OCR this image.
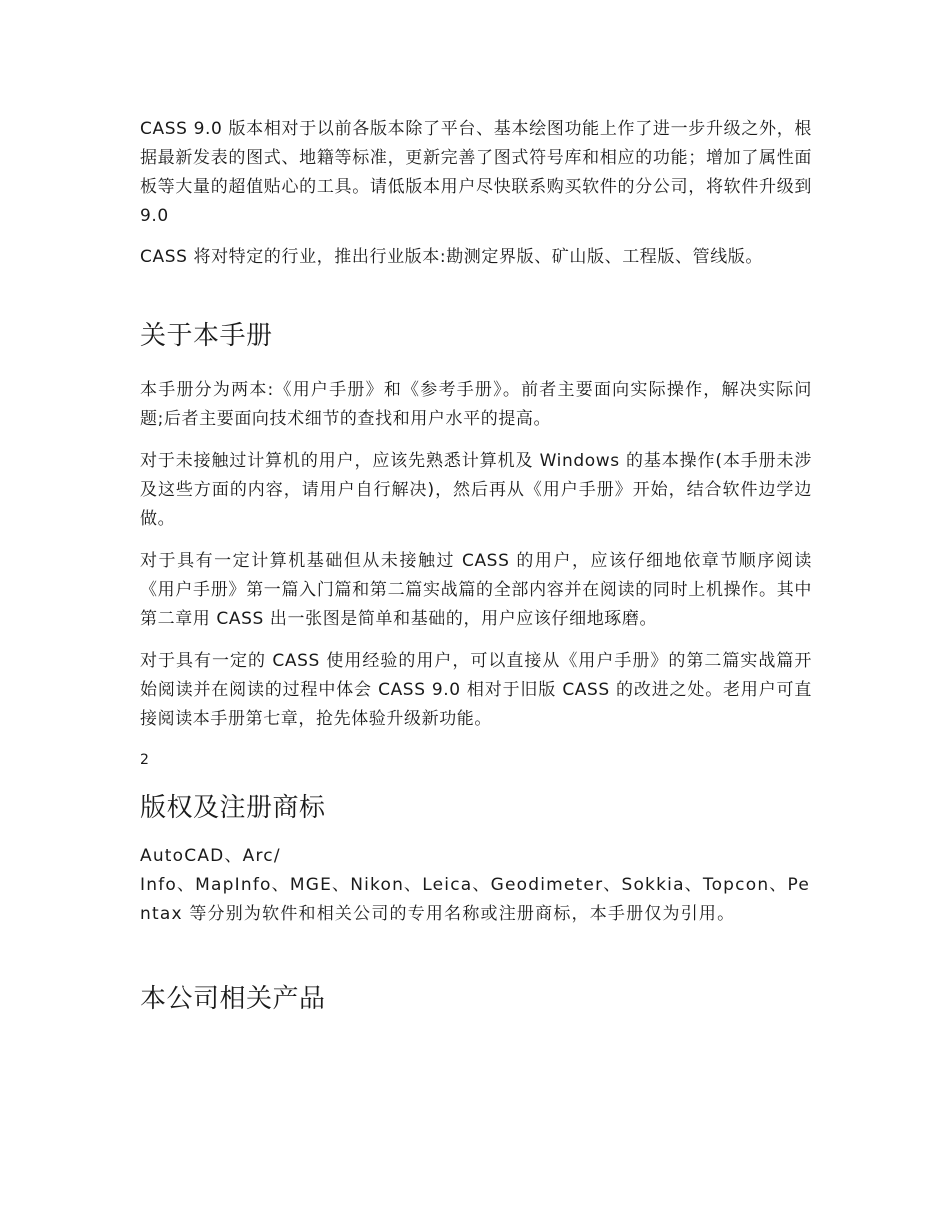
CASS 9.0 版本相对于以前各版本除了平台、基本绘图功能上作了进一步升级之外，根据最新发表的图式、地籍等标准，更新完善了图式符号库和相应的功能；增加了属性面板等大量的超值贴心的工具。请低版本用户尽快联系购买软件的分公司，将软件升级到 9.0

CASS 将对特定的行业，推出行业版本:勘测定界版、矿山版、工程版、管线版。

关于本手册

本手册分为两本:《用户手册》和《参考手册》。前者主要面向实际操作，解决实际问题;后者主要面向技术细节的查找和用户水平的提高。

对于未接触过计算机的用户，应该先熟悉计算机及 Windows 的基本操作(本手册未涉及这些方面的内容，请用户自行解决)，然后再从《用户手册》开始，结合软件边学边做。

对于具有一定计算机基础但从未接触过 CASS 的用户，应该仔细地依章节顺序阅读《用户手册》第一篇入门篇和第二篇实战篇的全部内容并在阅读的同时上机操作。其中第二章用 CASS 出一张图是简单和基础的，用户应该仔细地琢磨。

对于具有一定的 CASS 使用经验的用户，可以直接从《用户手册》的第二篇实战篇开始阅读并在阅读的过程中体会 CASS 9.0 相对于旧版 CASS 的改进之处。老用户可直接阅读本手册第七章，抢先体验升级新功能。

2

版权及注册商标

AutoCAD、Arc/

Info、MapInfo、MGE、Nikon、Leica、Geodimeter、Sokkia、Topcon、Pentax 等分别为软件和相关公司的专用名称或注册商标，本手册仅为引用。

本公司相关产品
